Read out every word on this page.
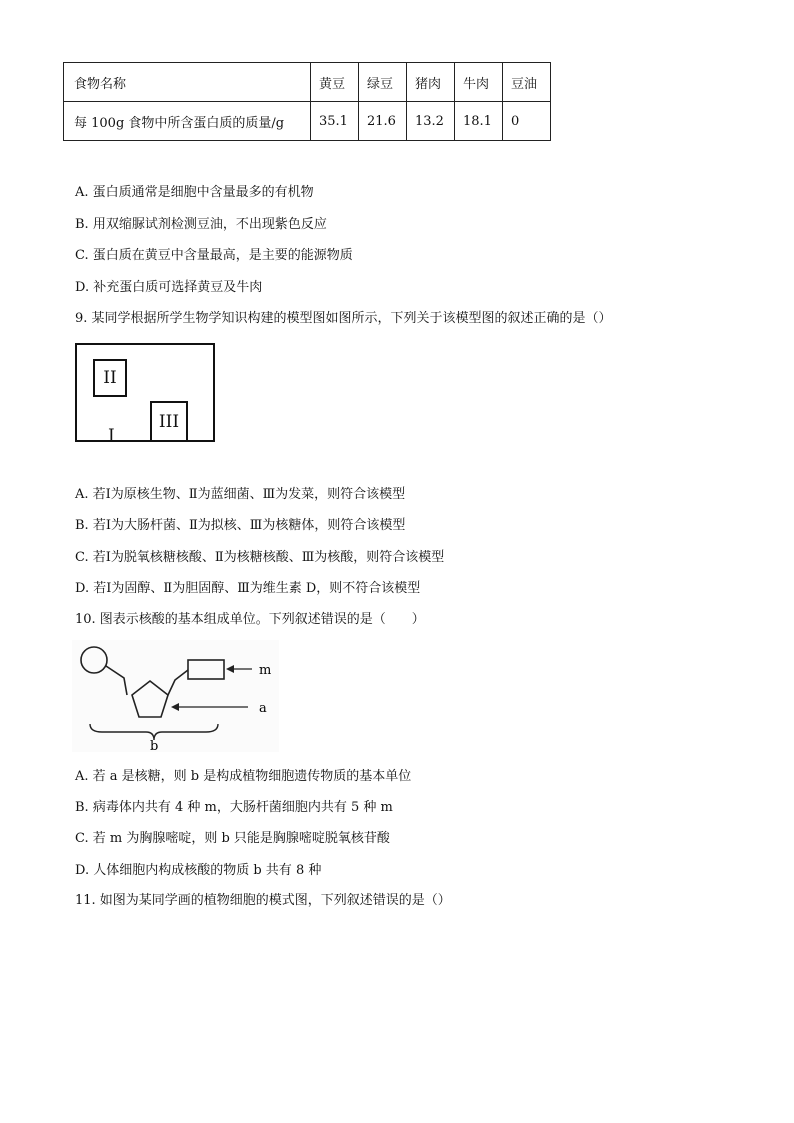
食物名称	黄豆	绿豆	猪肉	牛肉	豆油
每 100g 食物中所含蛋白质的质量/g	35.1	21.6	13.2	18.1	0
A. 蛋白质通常是细胞中含量最多的有机物
B. 用双缩脲试剂检测豆油，不出现紫色反应
C. 蛋白质在黄豆中含量最高，是主要的能源物质
D. 补充蛋白质可选择黄豆及牛肉
9. 某同学根据所学生物学知识构建的模型图如图所示，下列关于该模型图的叙述正确的是（）
II
III
I
A. 若Ⅰ为原核生物、Ⅱ为蓝细菌、Ⅲ为发菜，则符合该模型
B. 若Ⅰ为大肠杆菌、Ⅱ为拟核、Ⅲ为核糖体，则符合该模型
C. 若Ⅰ为脱氧核糖核酸、Ⅱ为核糖核酸、Ⅲ为核酸，则符合该模型
D. 若Ⅰ为固醇、Ⅱ为胆固醇、Ⅲ为维生素 D，则不符合该模型
10. 图表示核酸的基本组成单位。下列叙述错误的是（　　）
m
a
b
A. 若 a 是核糖，则 b 是构成植物细胞遗传物质的基本单位
B. 病毒体内共有 4 种 m，大肠杆菌细胞内共有 5 种 m
C. 若 m 为胸腺嘧啶，则 b 只能是胸腺嘧啶脱氧核苷酸
D. 人体细胞内构成核酸的物质 b 共有 8 种
11. 如图为某同学画的植物细胞的模式图，下列叙述错误的是（）
